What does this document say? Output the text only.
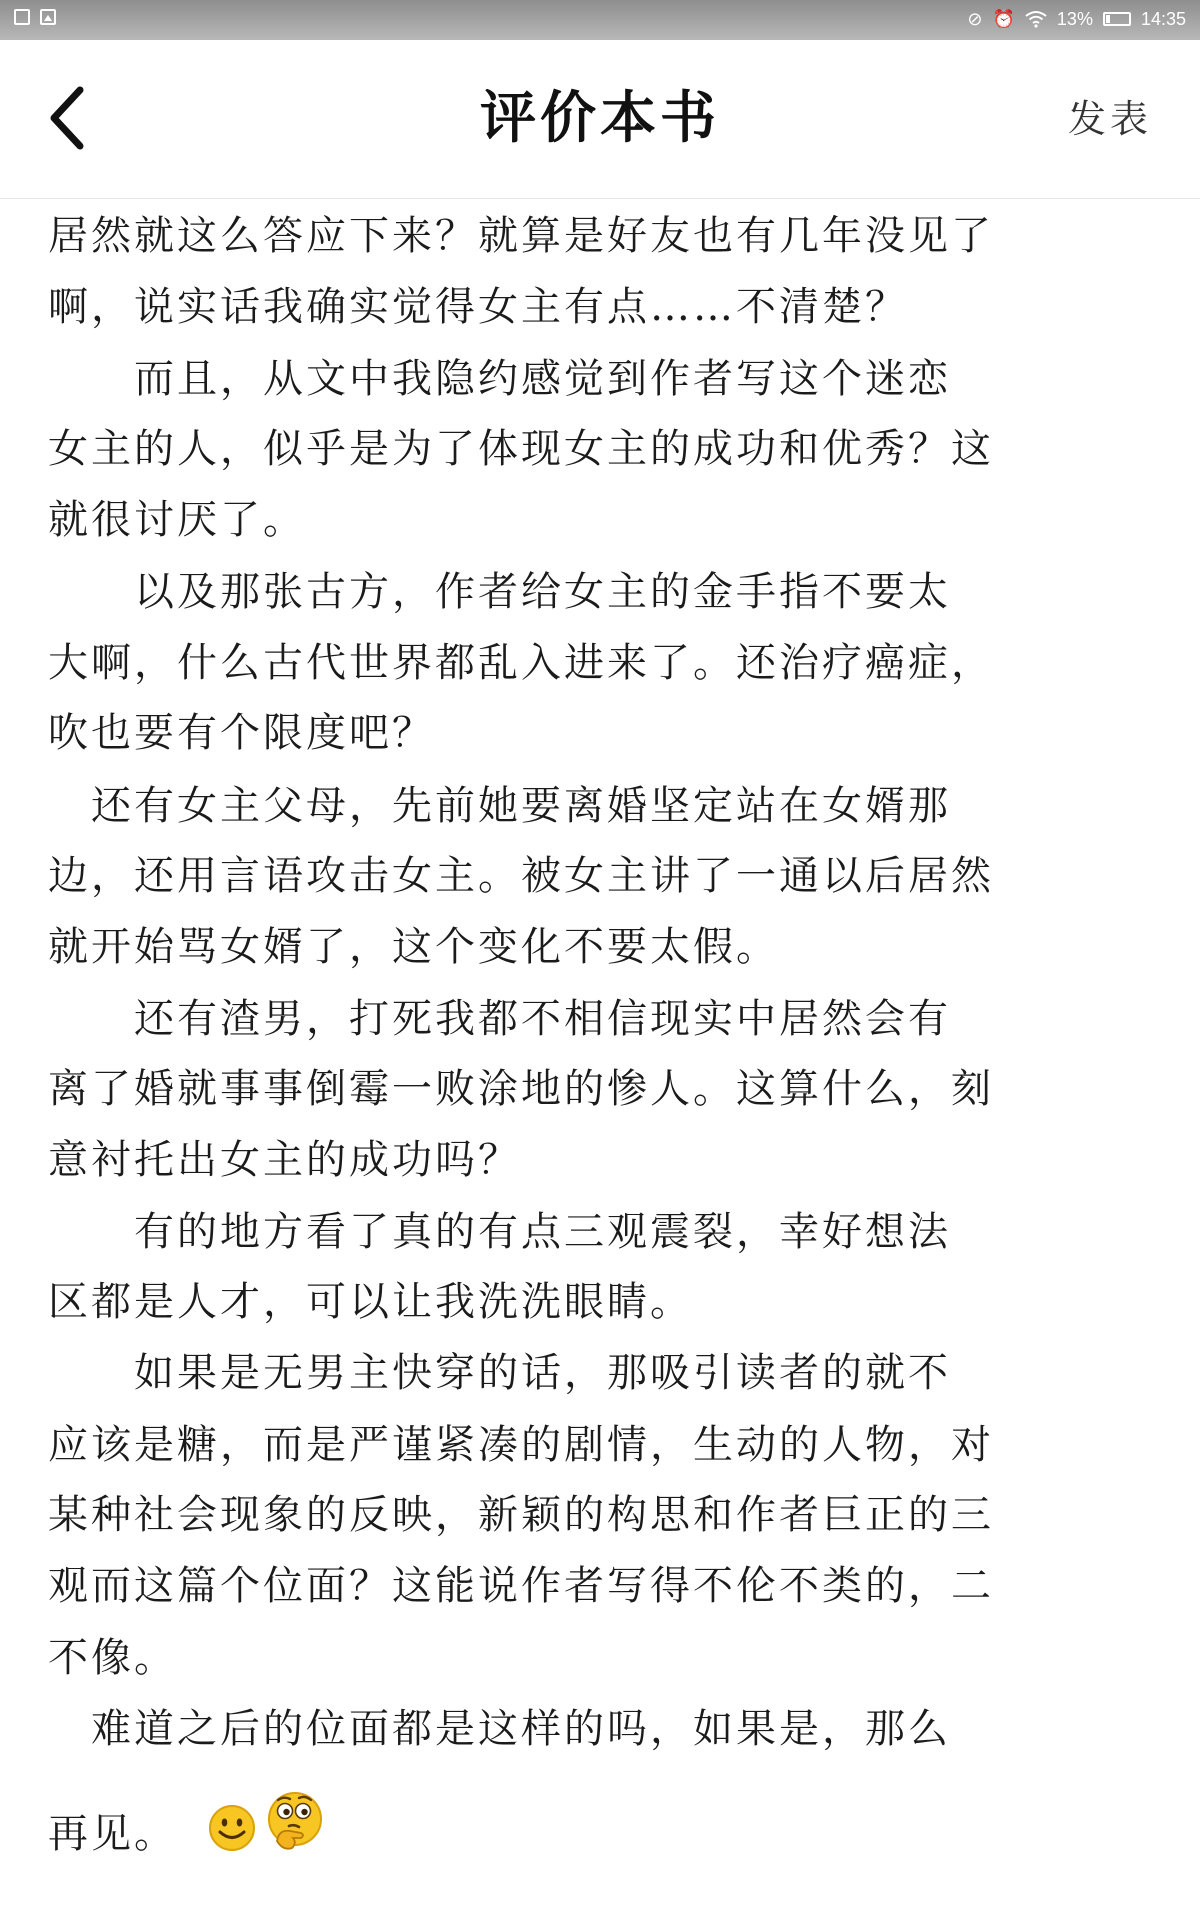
⊘ ⏰ 13%	14:35
评价本书	发表
居然就这么答应下来？就算是好友也有几年没见了
啊，说实话我确实觉得女主有点……不清楚？
　　而且，从文中我隐约感觉到作者写这个迷恋
女主的人，似乎是为了体现女主的成功和优秀？这
就很讨厌了。
　　以及那张古方，作者给女主的金手指不要太
大啊，什么古代世界都乱入进来了。还治疗癌症，
吹也要有个限度吧？
　还有女主父母，先前她要离婚坚定站在女婿那
边，还用言语攻击女主。被女主讲了一通以后居然
就开始骂女婿了，这个变化不要太假。
　　还有渣男，打死我都不相信现实中居然会有
离了婚就事事倒霉一败涂地的惨人。这算什么，刻
意衬托出女主的成功吗？
　　有的地方看了真的有点三观震裂，幸好想法
区都是人才，可以让我洗洗眼睛。
　　如果是无男主快穿的话，那吸引读者的就不
应该是糖，而是严谨紧凑的剧情，生动的人物，对
某种社会现象的反映，新颖的构思和作者巨正的三
观而这篇个位面？这能说作者写得不伦不类的，二
不像。
　难道之后的位面都是这样的吗，如果是，那么
再见。
